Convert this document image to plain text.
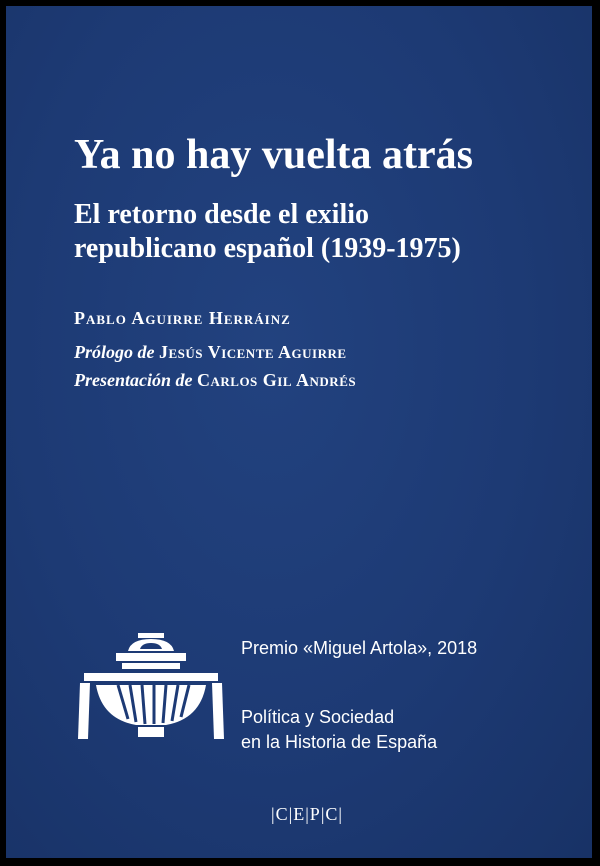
Ya no hay vuelta atrás
El retorno desde el exilio
republicano español (1939-1975)

Pablo Aguirre Herráinz

Prólogo de Jesús Vicente Aguirre

Presentación de Carlos Gil Andrés

Premio «Miguel Artola», 2018

Política y Sociedad
en la Historia de España

|C|E|P|C|
